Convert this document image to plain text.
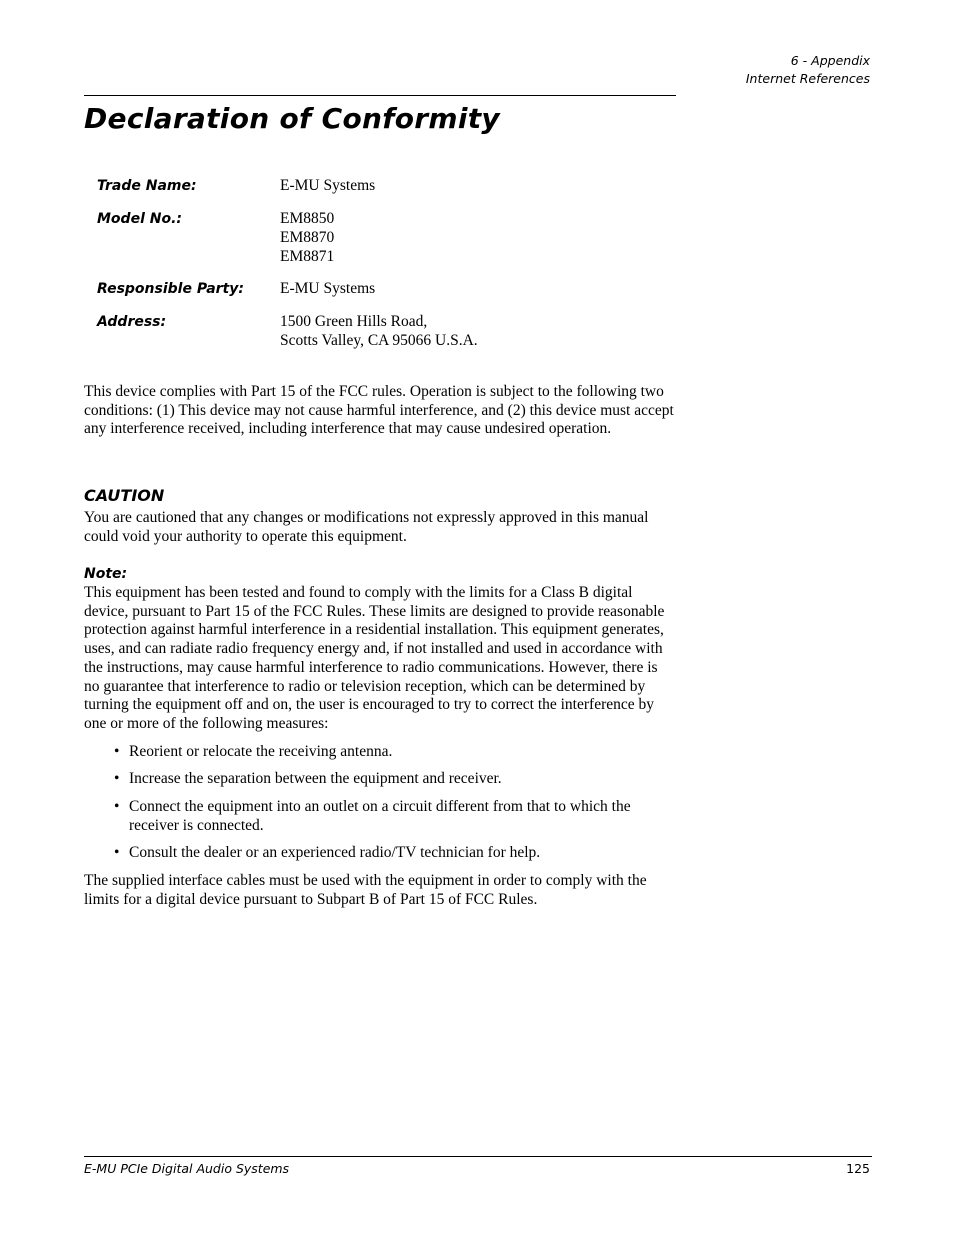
6 - Appendix
Internet References
Declaration of Conformity
Trade Name:	E-MU Systems
Model No.:	EM8850
EM8870
EM8871
Responsible Party:	E-MU Systems
Address:	1500 Green Hills Road,
Scotts Valley, CA 95066 U.S.A.

This device complies with Part 15 of the FCC rules. Operation is subject to the following two conditions: (1) This device may not cause harmful interference, and (2) this device must accept any interference received, including interference that may cause undesired operation.

CAUTION

You are cautioned that any changes or modifications not expressly approved in this manual could void your authority to operate this equipment.

Note:

This equipment has been tested and found to comply with the limits for a Class B digital device, pursuant to Part 15 of the FCC Rules. These limits are designed to provide reasonable protection against harmful interference in a residential installation. This equipment generates, uses, and can radiate radio frequency energy and, if not installed and used in accordance with the instructions, may cause harmful interference to radio communications. However, there is no guarantee that interference to radio or television reception, which can be determined by turning the equipment off and on, the user is encouraged to try to correct the interference by one or more of the following measures:

• Reorient or relocate the receiving antenna.
• Increase the separation between the equipment and receiver.
• Connect the equipment into an outlet on a circuit different from that to which the receiver is connected.
• Consult the dealer or an experienced radio/TV technician for help.

The supplied interface cables must be used with the equipment in order to comply with the limits for a digital device pursuant to Subpart B of Part 15 of FCC Rules.

E-MU PCIe Digital Audio Systems	125
